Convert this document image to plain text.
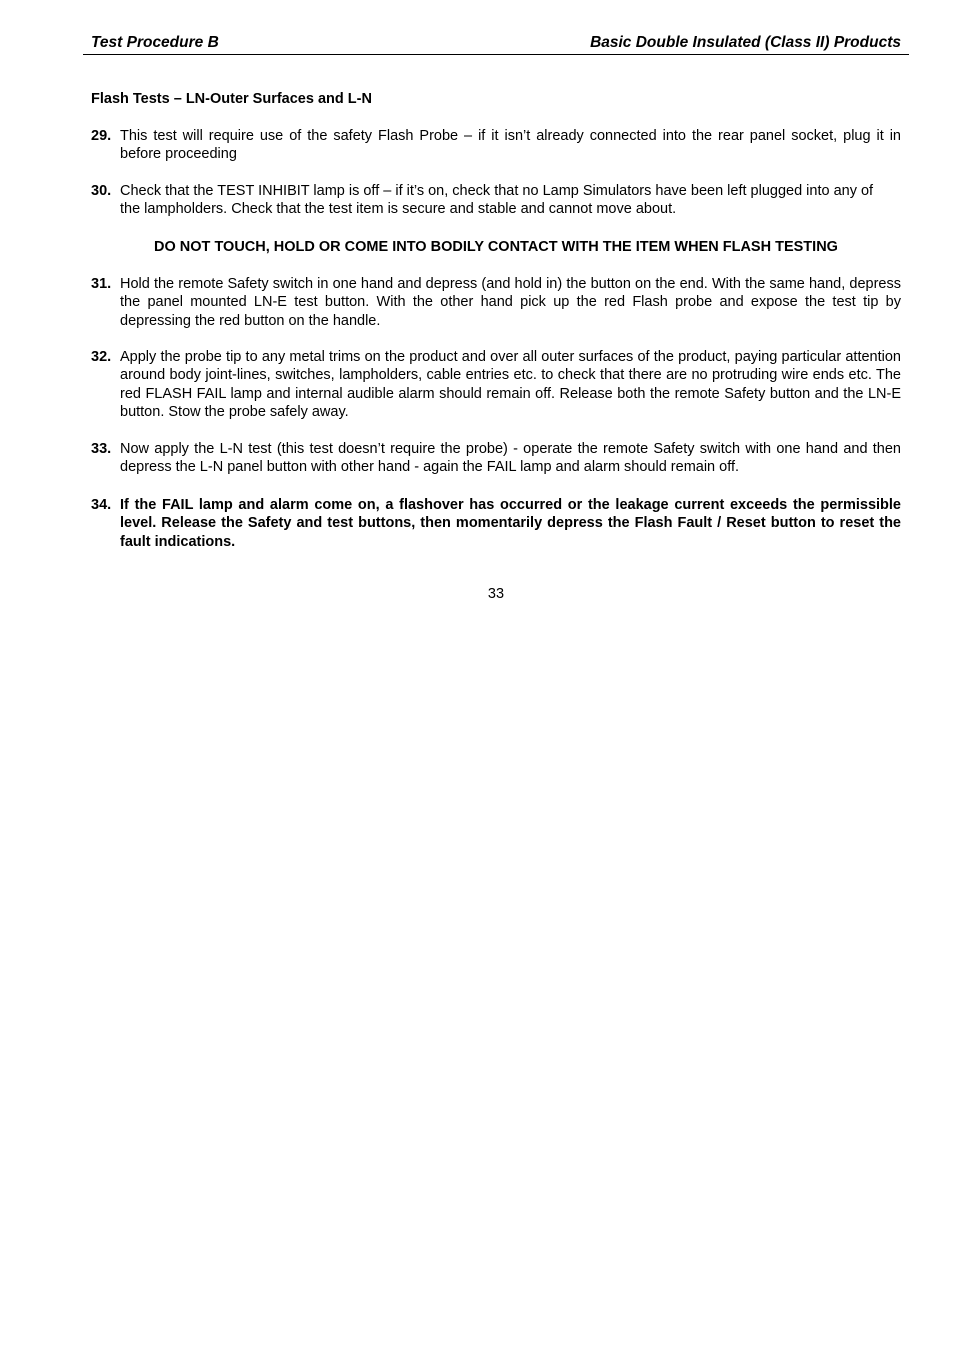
Test Procedure B	Basic Double Insulated (Class II) Products
Flash Tests – LN-Outer Surfaces and L-N
29. This test will require use of the safety Flash Probe – if it isn’t already connected into the rear panel socket, plug it in before proceeding
30. Check that the TEST INHIBIT lamp is off – if it’s on, check that no Lamp Simulators have been left plugged into any of the lampholders. Check that the test item is secure and stable and cannot move about.
DO NOT TOUCH, HOLD OR COME INTO BODILY CONTACT WITH THE ITEM WHEN FLASH TESTING
31. Hold the remote Safety switch in one hand and depress (and hold in) the button on the end. With the same hand, depress the panel mounted LN-E test button. With the other hand pick up the red Flash probe and expose the test tip by depressing the red button on the handle.
32. Apply the probe tip to any metal trims on the product and over all outer surfaces of the product, paying particular attention around body joint-lines, switches, lampholders, cable entries etc. to check that there are no protruding wire ends etc. The red FLASH FAIL lamp and internal audible alarm should remain off. Release both the remote Safety button and the LN-E button. Stow the probe safely away.
33. Now apply the L-N test (this test doesn’t require the probe) - operate the remote Safety switch with one hand and then depress the L-N panel button with other hand - again the FAIL lamp and alarm should remain off.
34. If the FAIL lamp and alarm come on, a flashover has occurred or the leakage current exceeds the permissible level. Release the Safety and test buttons, then momentarily depress the Flash Fault / Reset button to reset the fault indications.
33
